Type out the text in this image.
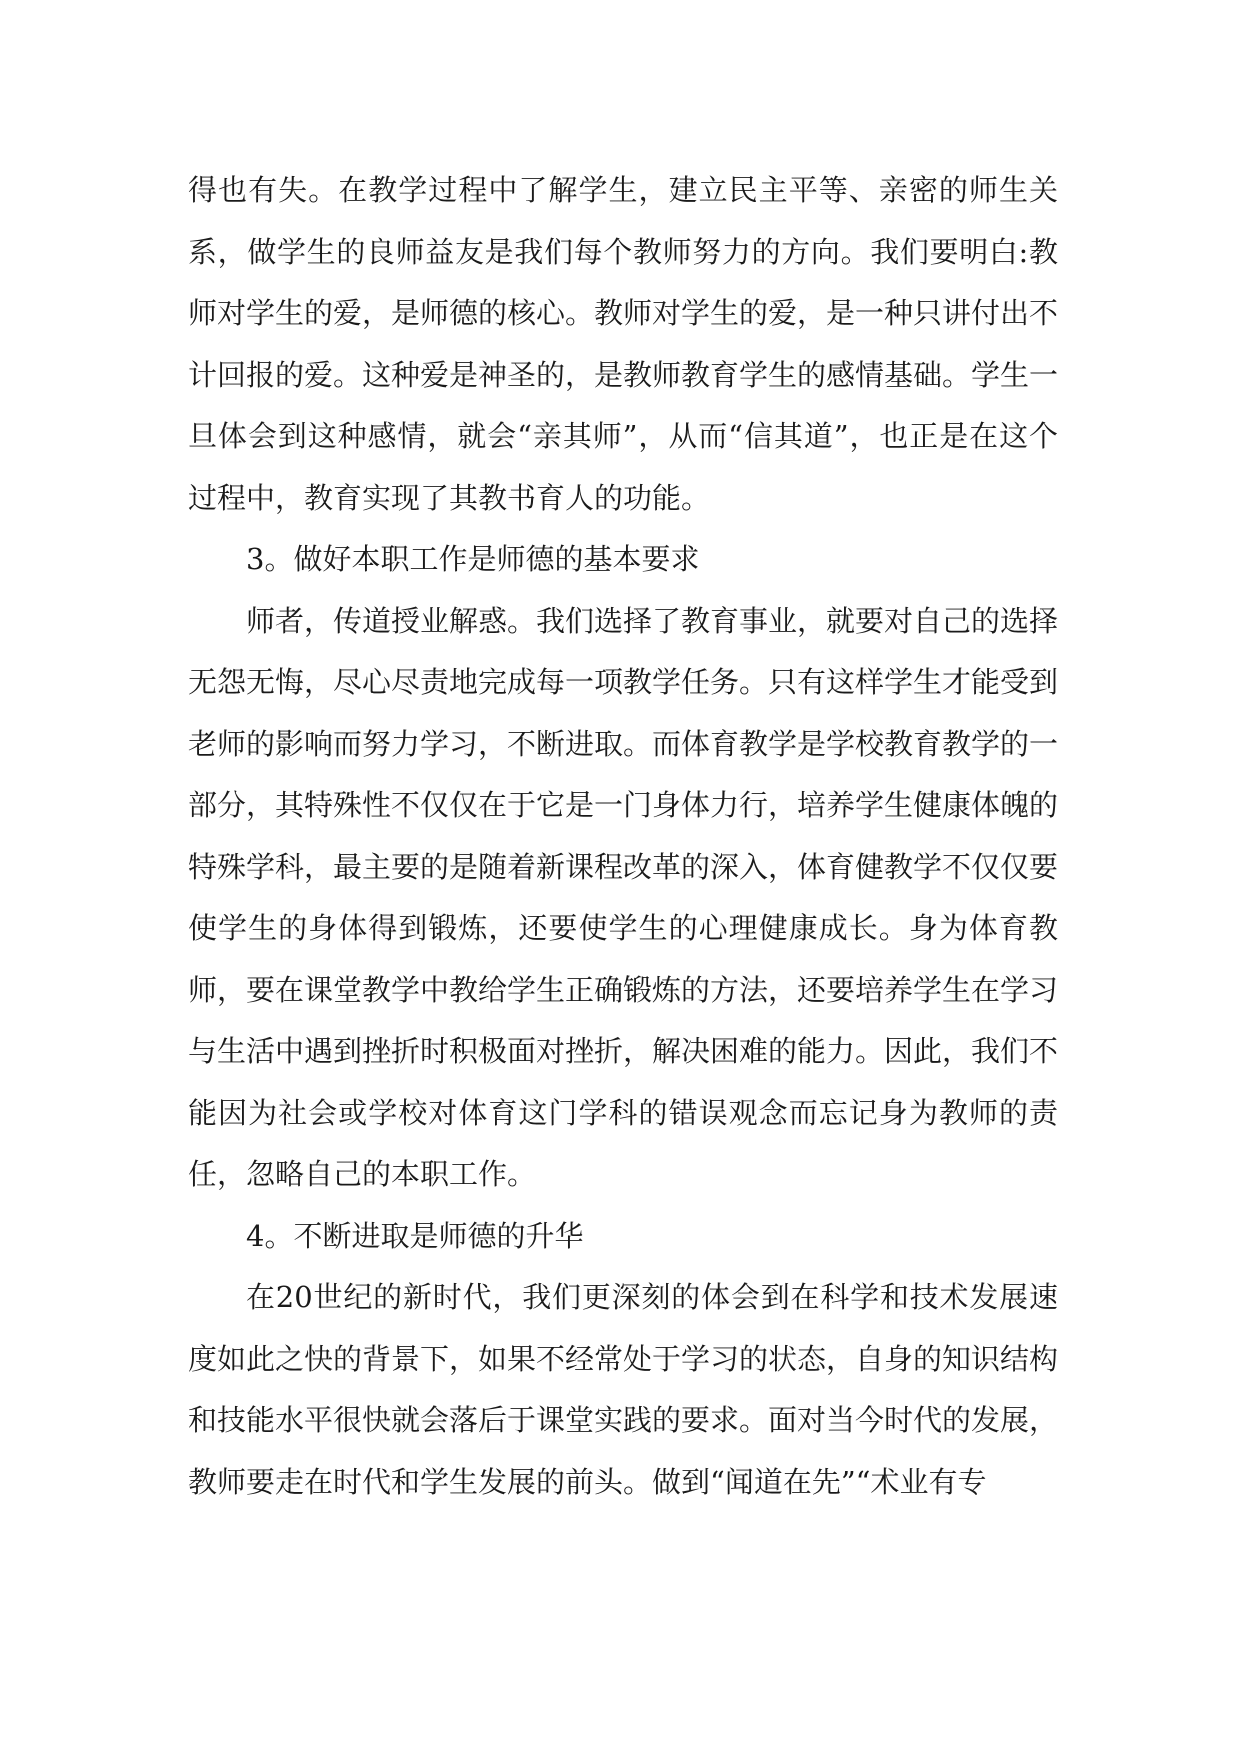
得也有失。在教学过程中了解学生，建立民主平等、亲密的师生关系，做学生的良师益友是我们每个教师努力的方向。我们要明白:教师对学生的爱，是师德的核心。教师对学生的爱，是一种只讲付出不计回报的爱。这种爱是神圣的，是教师教育学生的感情基础。学生一旦体会到这种感情，就会“亲其师”，从而“信其道”，也正是在这个过程中，教育实现了其教书育人的功能。

3。做好本职工作是师德的基本要求

师者，传道授业解惑。我们选择了教育事业，就要对自己的选择无怨无悔，尽心尽责地完成每一项教学任务。只有这样学生才能受到老师的影响而努力学习，不断进取。而体育教学是学校教育教学的一部分，其特殊性不仅仅在于它是一门身体力行，培养学生健康体魄的特殊学科，最主要的是随着新课程改革的深入，体育健教学不仅仅要使学生的身体得到锻炼，还要使学生的心理健康成长。身为体育教师，要在课堂教学中教给学生正确锻炼的方法，还要培养学生在学习与生活中遇到挫折时积极面对挫折，解决困难的能力。因此，我们不能因为社会或学校对体育这门学科的错误观念而忘记身为教师的责任，忽略自己的本职工作。

4。不断进取是师德的升华

在20世纪的新时代，我们更深刻的体会到在科学和技术发展速度如此之快的背景下，如果不经常处于学习的状态，自身的知识结构和技能水平很快就会落后于课堂实践的要求。面对当今时代的发展，教师要走在时代和学生发展的前头。做到“闻道在先”“术业有专
